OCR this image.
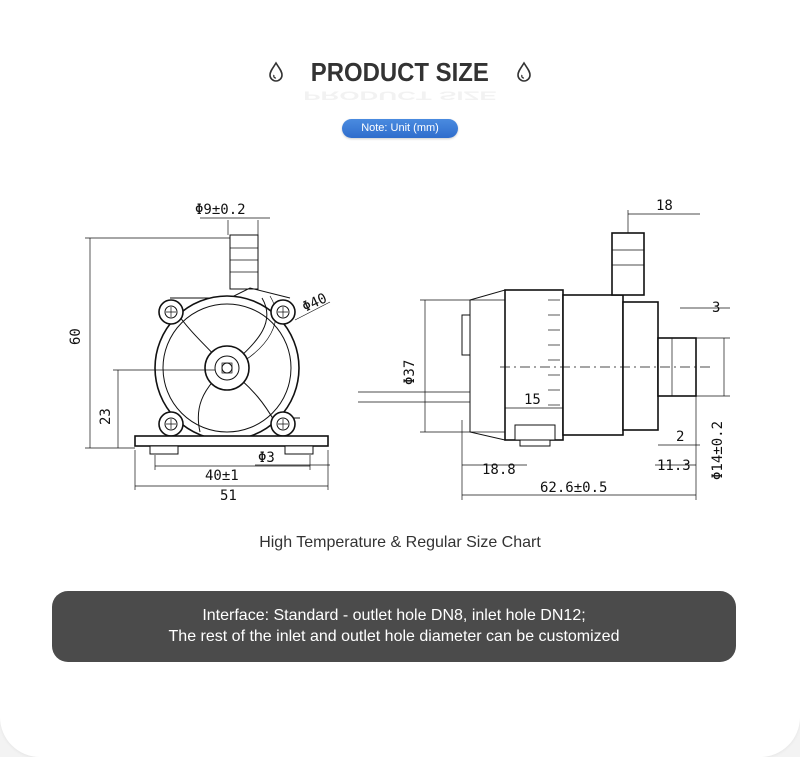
PRODUCT SIZE
PRODUCT SIZE
Note: Unit (mm)
Φ9±0.2
Φ40
60
23
Φ3
40±1
51
18
3
Φ37
15
18.8
62.6±0.5
2
11.3 Φ14±0.2
High Temperature & Regular Size Chart
Interface: Standard - outlet hole DN8, inlet hole DN12;
The rest of the inlet and outlet hole diameter can be customized
